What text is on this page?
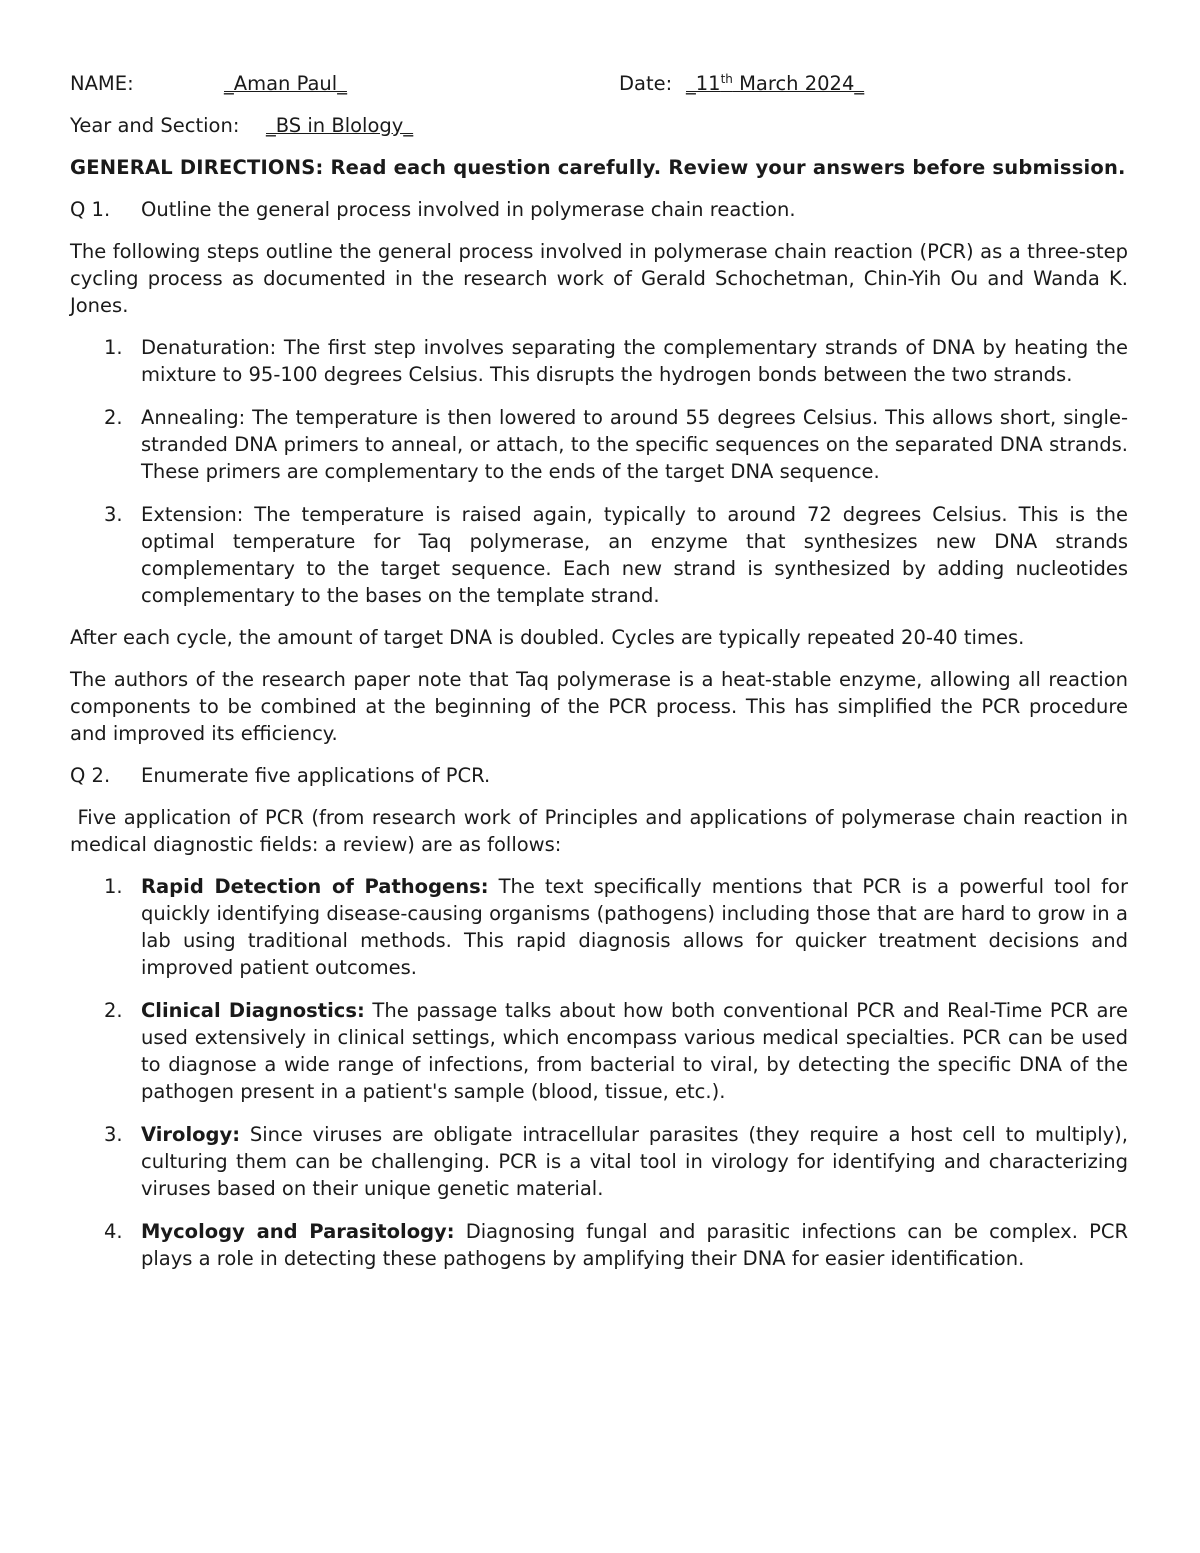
NAME:	_Aman Paul_	Date: _11th March 2024_
Year and Section: _BS in Blology_

GENERAL DIRECTIONS: Read each question carefully. Review your answers before submission.

Q 1. Outline the general process involved in polymerase chain reaction.

The following steps outline the general process involved in polymerase chain reaction (PCR) as a three-step cycling process as documented in the research work of Gerald Schochetman, Chin-Yih Ou and Wanda K. Jones.

1. Denaturation: The first step involves separating the complementary strands of DNA by heating the mixture to 95-100 degrees Celsius. This disrupts the hydrogen bonds between the two strands.
2. Annealing: The temperature is then lowered to around 55 degrees Celsius. This allows short, single-stranded DNA primers to anneal, or attach, to the specific sequences on the separated DNA strands. These primers are complementary to the ends of the target DNA sequence.
3. Extension: The temperature is raised again, typically to around 72 degrees Celsius. This is the optimal temperature for Taq polymerase, an enzyme that synthesizes new DNA strands complementary to the target sequence. Each new strand is synthesized by adding nucleotides complementary to the bases on the template strand.

After each cycle, the amount of target DNA is doubled. Cycles are typically repeated 20-40 times.

The authors of the research paper note that Taq polymerase is a heat-stable enzyme, allowing all reaction components to be combined at the beginning of the PCR process. This has simplified the PCR procedure and improved its efficiency.

Q 2. Enumerate five applications of PCR.

Five application of PCR (from research work of Principles and applications of polymerase chain reaction in medical diagnostic fields: a review) are as follows:

1. Rapid Detection of Pathogens: The text specifically mentions that PCR is a powerful tool for quickly identifying disease-causing organisms (pathogens) including those that are hard to grow in a lab using traditional methods. This rapid diagnosis allows for quicker treatment decisions and improved patient outcomes.
2. Clinical Diagnostics: The passage talks about how both conventional PCR and Real-Time PCR are used extensively in clinical settings, which encompass various medical specialties. PCR can be used to diagnose a wide range of infections, from bacterial to viral, by detecting the specific DNA of the pathogen present in a patient's sample (blood, tissue, etc.).
3. Virology: Since viruses are obligate intracellular parasites (they require a host cell to multiply), culturing them can be challenging. PCR is a vital tool in virology for identifying and characterizing viruses based on their unique genetic material.
4. Mycology and Parasitology: Diagnosing fungal and parasitic infections can be complex. PCR plays a role in detecting these pathogens by amplifying their DNA for easier identification.
